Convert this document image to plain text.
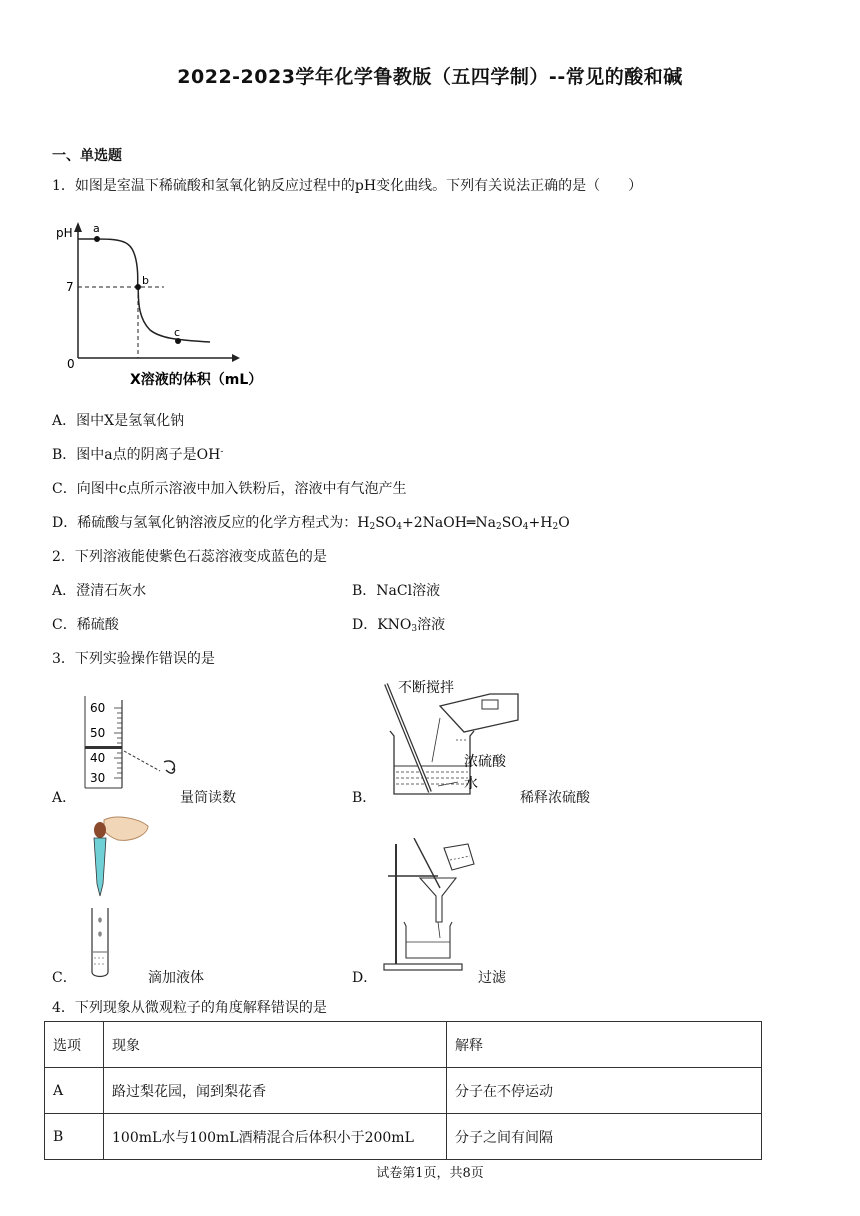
2022-2023学年化学鲁教版（五四学制）--常见的酸和碱
一、单选题
1．如图是室温下稀硫酸和氢氧化钠反应过程中的pH变化曲线。下列有关说法正确的是（　　）
pH
7
0
a
b
c
X溶液的体积（mL）
A．图中X是氢氧化钠
B．图中a点的阴离子是OH-
C．向图中c点所示溶液中加入铁粉后，溶液中有气泡产生
D．稀硫酸与氢氧化钠溶液反应的化学方程式为：$H_2SO_4+2NaOH═Na_2SO_4+H_2O$
2．下列溶液能使紫色石蕊溶液变成蓝色的是
A．澄清石灰水	B．NaCl溶液
C．稀硫酸	D．$KNO_3$溶液
3．下列实验操作错误的是
60
50
40
30
A．	量筒读数
不断搅拌
浓硫酸
水
B．	稀释浓硫酸
C．	滴加液体	D．	过滤
4．下列现象从微观粒子的角度解释错误的是
选项	现象	解释
A	路过梨花园，闻到梨花香	分子在不停运动
B	100mL水与100mL酒精混合后体积小于200mL	分子之间有间隔
试卷第1页，共8页
